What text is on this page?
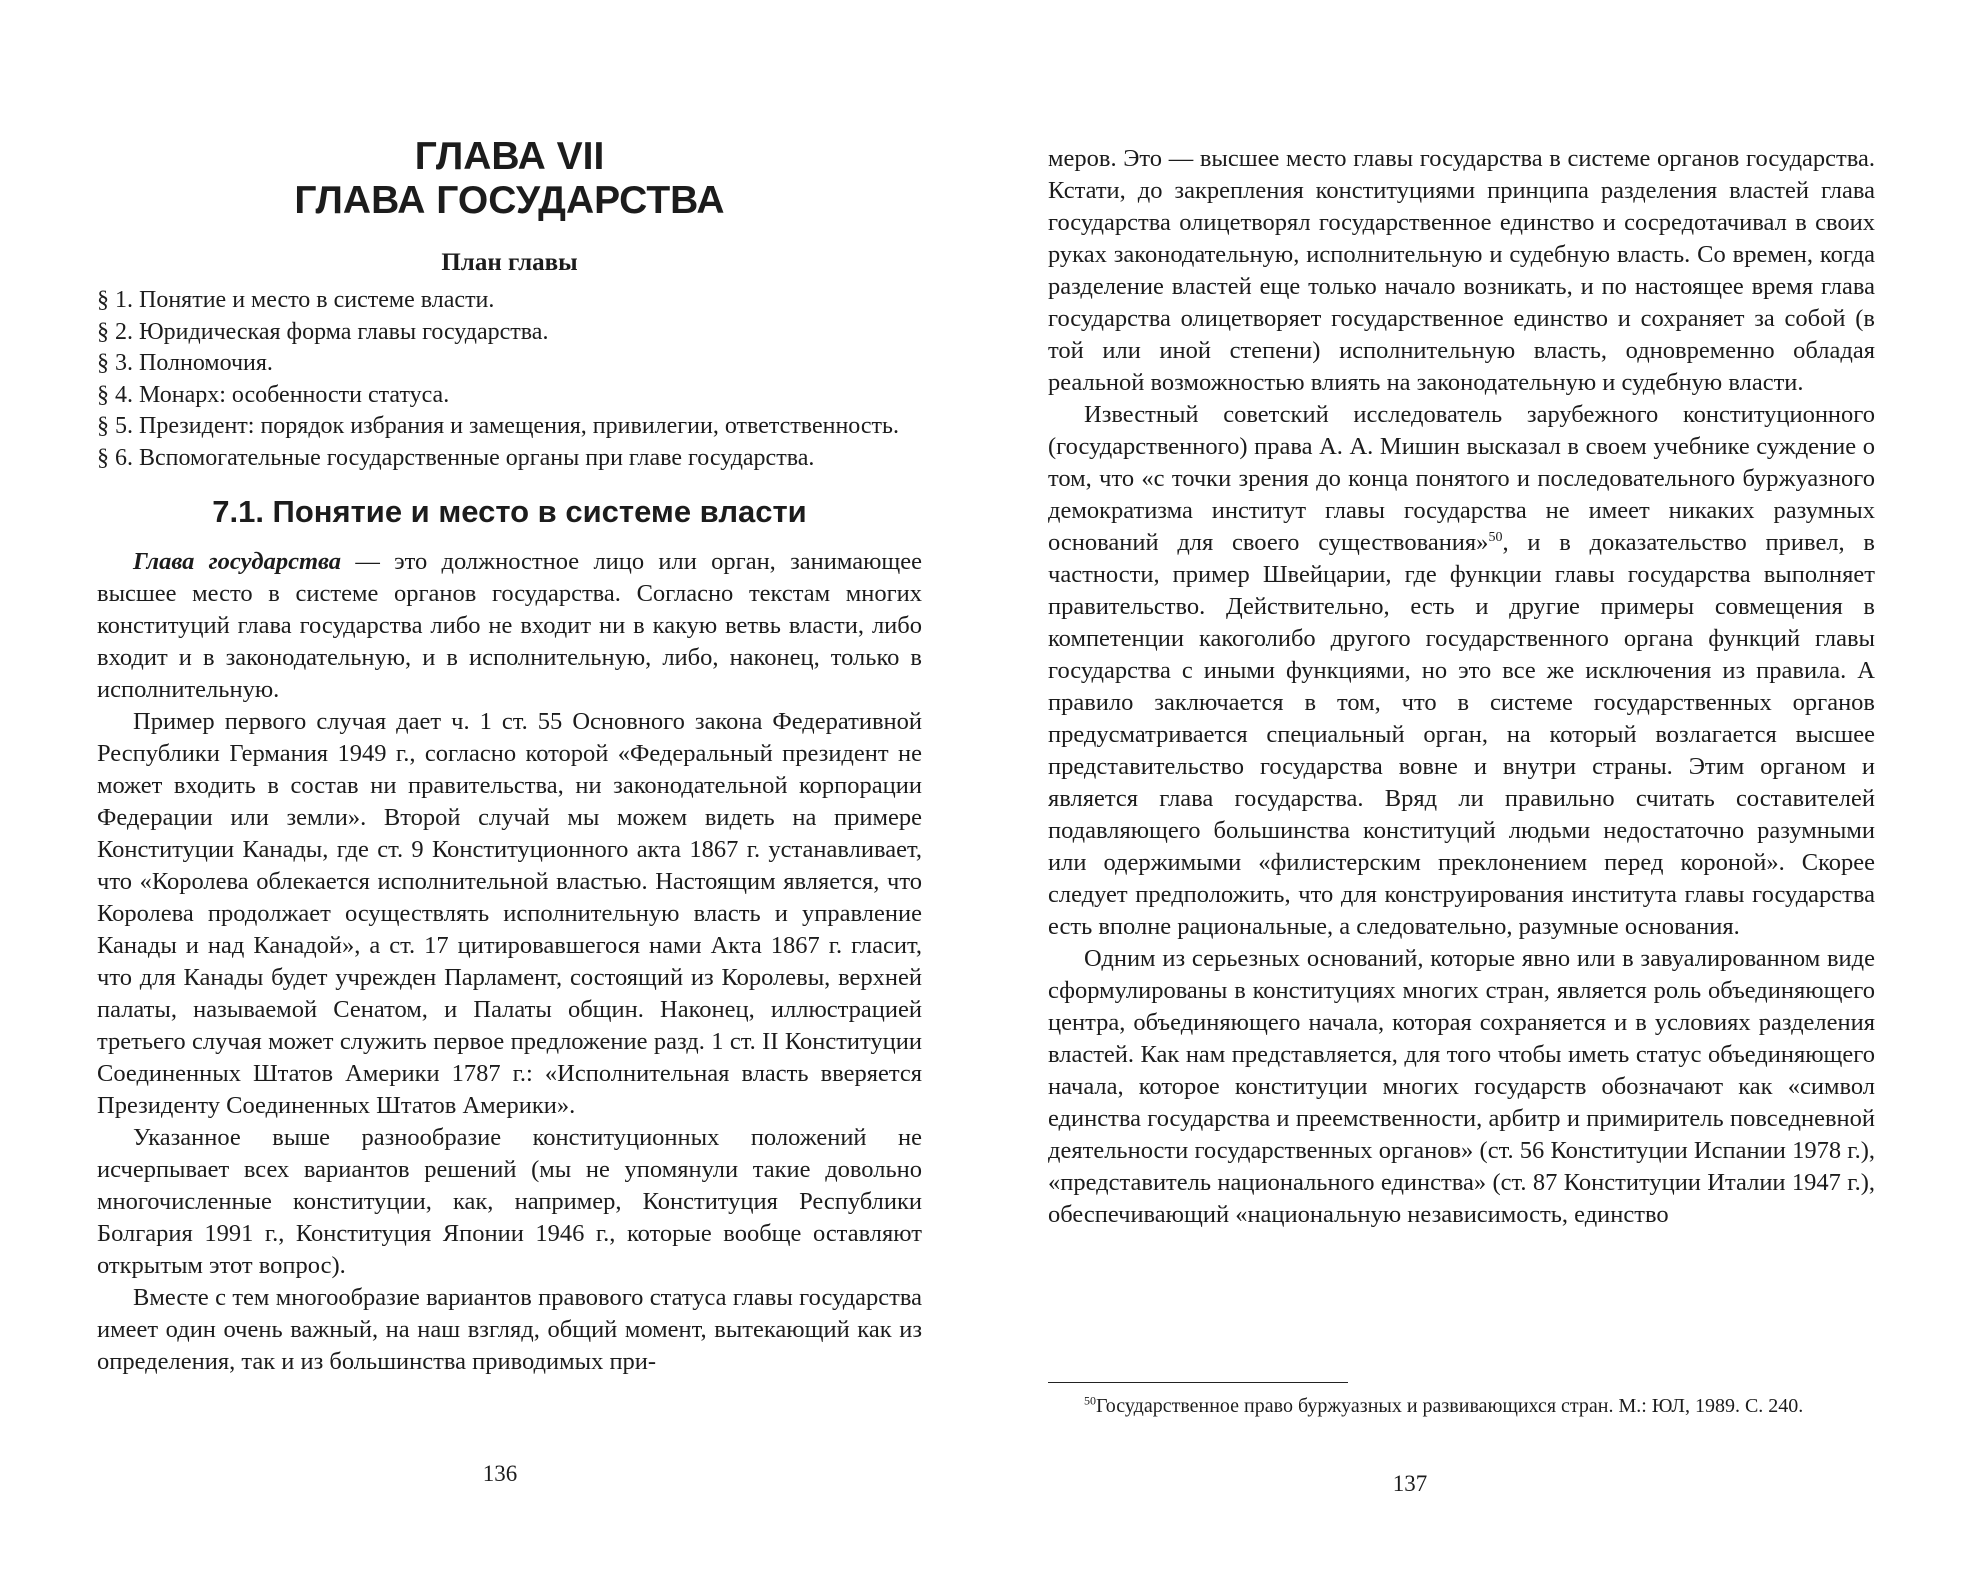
ГЛАВА VII
ГЛАВА ГОСУДАРСТВА
План главы
§ 1. Понятие и место в системе власти.
§ 2. Юридическая форма главы государства.
§ 3. Полномочия.
§ 4. Монарх: особенности статуса.
§ 5. Президент: порядок избрания и замещения, привилегии, ответственность.
§ 6. Вспомогательные государственные органы при главе государства.
7.1. Понятие и место в системе власти

Глава государства — это должностное лицо или орган, занимающее высшее место в системе органов государства. Согласно текстам многих конституций глава государства либо не входит ни в какую ветвь власти, либо входит и в законодательную, и в исполнительную, либо, наконец, только в исполнительную.

Пример первого случая дает ч. 1 ст. 55 Основного закона Федеративной Республики Германия 1949 г., согласно которой «Федеральный президент не может входить в состав ни правительства, ни законодательной корпорации Федерации или земли». Второй случай мы можем видеть на примере Конституции Канады, где ст. 9 Конституционного акта 1867 г. устанавливает, что «Королева облекается исполнительной властью. Настоящим является, что Королева продолжает осуществлять исполнительную власть и управление Канады и над Канадой», а ст. 17 цитировавшегося нами Акта 1867 г. гласит, что для Канады будет учрежден Парламент, состоящий из Королевы, верхней палаты, называемой Сенатом, и Палаты общин. Наконец, иллюстрацией третьего случая может служить первое предложение разд. 1 ст. II Конституции Соединенных Штатов Америки 1787 г.: «Исполнительная власть вверяется Президенту Соединенных Штатов Америки».

Указанное выше разнообразие конституционных положений не исчерпывает всех вариантов решений (мы не упомянули такие довольно многочисленные конституции, как, например, Конституция Республики Болгария 1991 г., Конституция Японии 1946 г., которые вообще оставляют открытым этот вопрос).

Вместе с тем многообразие вариантов правового статуса главы государства имеет один очень важный, на наш взгляд, общий момент, вытекающий как из определения, так и из большинства приводимых при-

136

меров. Это — высшее место главы государства в системе органов государства. Кстати, до закрепления конституциями принципа разделения властей глава государства олицетворял государственное единство и сосредотачивал в своих руках законодательную, исполнительную и судебную власть. Со времен, когда разделение властей еще только начало возникать, и по настоящее время глава государства олицетворяет государственное единство и сохраняет за собой (в той или иной степени) исполнительную власть, одновременно обладая реальной возможностью влиять на законодательную и судебную власти.

Известный советский исследователь зарубежного конституционного (государственного) права А. А. Мишин высказал в своем учебнике суждение о том, что «с точки зрения до конца понятого и последовательного буржуазного демократизма институт главы государства не имеет никаких разумных оснований для своего существования»$^{50}$, и в доказательство привел, в частности, пример Швейцарии, где функции главы государства выполняет правительство. Действительно, есть и другие примеры совмещения в компетенции какоголибо другого государственного органа функций главы государства с иными функциями, но это все же исключения из правила. А правило заключается в том, что в системе государственных органов предусматривается специальный орган, на который возлагается высшее представительство государства вовне и внутри страны. Этим органом и является глава государства. Вряд ли правильно считать составителей подавляющего большинства конституций людьми недостаточно разумными или одержимыми «филистерским преклонением перед короной». Скорее следует предположить, что для конструирования института главы государства есть вполне рациональные, а следовательно, разумные основания.

Одним из серьезных оснований, которые явно или в завуалированном виде сформулированы в конституциях многих стран, является роль объединяющего центра, объединяющего начала, которая сохраняется и в условиях разделения властей. Как нам представляется, для того чтобы иметь статус объединяющего начала, которое конституции многих государств обозначают как «символ единства государства и преемственности, арбитр и примиритель повседневной деятельности государственных органов» (ст. 56 Конституции Испании 1978 г.), «представитель национального единства» (ст. 87 Конституции Италии 1947 г.), обеспечивающий «национальную независимость, единство

$^{50}$Государственное право буржуазных и развивающихся стран. М.: ЮЛ, 1989. С. 240.
137
